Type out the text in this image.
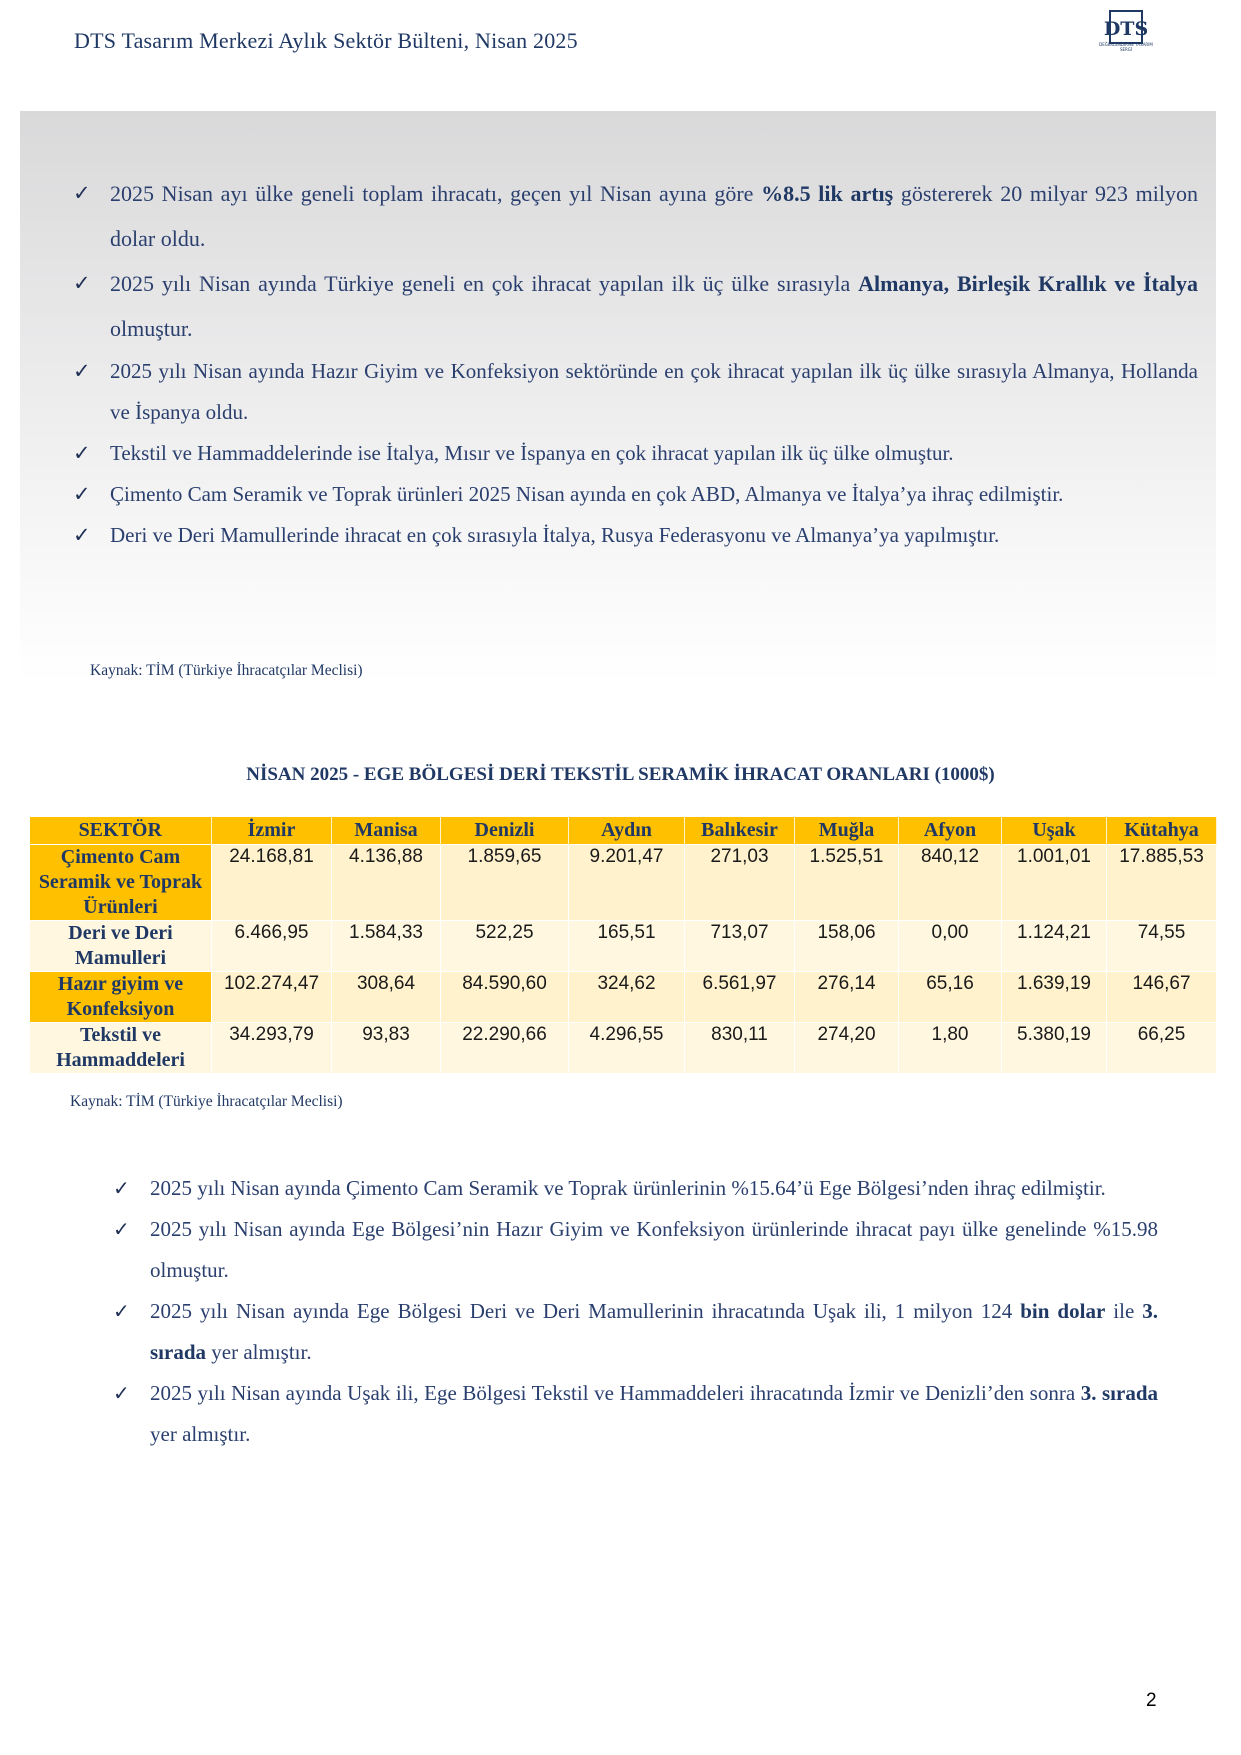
DTS Tasarım Merkezi Aylık Sektör Bülteni, Nisan 2025	DTS
DEĞERLENDİRME TASARIM SERGİ
✓ 2025 Nisan ayı ülke geneli toplam ihracatı, geçen yıl Nisan ayına göre %8.5 lik artış göstererek 20 milyar 923 milyon dolar oldu.
✓ 2025 yılı Nisan ayında Türkiye geneli en çok ihracat yapılan ilk üç ülke sırasıyla Almanya, Birleşik Krallık ve İtalya olmuştur.
✓ 2025 yılı Nisan ayında Hazır Giyim ve Konfeksiyon sektöründe en çok ihracat yapılan ilk üç ülke sırasıyla Almanya, Hollanda ve İspanya oldu.
✓ Tekstil ve Hammaddelerinde ise İtalya, Mısır ve İspanya en çok ihracat yapılan ilk üç ülke olmuştur.
✓ Çimento Cam Seramik ve Toprak ürünleri 2025 Nisan ayında en çok ABD, Almanya ve İtalya’ya ihraç edilmiştir.
✓ Deri ve Deri Mamullerinde ihracat en çok sırasıyla İtalya, Rusya Federasyonu ve Almanya’ya yapılmıştır.
Kaynak: TİM (Türkiye İhracatçılar Meclisi)
NİSAN 2025 - EGE BÖLGESİ DERİ TEKSTİL SERAMİK İHRACAT ORANLARI (1000$)
SEKTÖR	İzmir	Manisa	Denizli	Aydın	Balıkesir	Muğla	Afyon	Uşak	Kütahya
Çimento Cam Seramik ve Toprak Ürünleri	24.168,81	4.136,88	1.859,65	9.201,47	271,03	1.525,51	840,12	1.001,01	17.885,53
Deri ve Deri Mamulleri	6.466,95	1.584,33	522,25	165,51	713,07	158,06	0,00	1.124,21	74,55
Hazır giyim ve Konfeksiyon	102.274,47	308,64	84.590,60	324,62	6.561,97	276,14	65,16	1.639,19	146,67
Tekstil ve Hammaddeleri	34.293,79	93,83	22.290,66	4.296,55	830,11	274,20	1,80	5.380,19	66,25
Kaynak: TİM (Türkiye İhracatçılar Meclisi)
✓ 2025 yılı Nisan ayında Çimento Cam Seramik ve Toprak ürünlerinin %15.64’ü Ege Bölgesi’nden ihraç edilmiştir.
✓ 2025 yılı Nisan ayında Ege Bölgesi’nin Hazır Giyim ve Konfeksiyon ürünlerinde ihracat payı ülke genelinde %15.98 olmuştur.
✓ 2025 yılı Nisan ayında Ege Bölgesi Deri ve Deri Mamullerinin ihracatında Uşak ili, 1 milyon 124 bin dolar ile 3. sırada yer almıştır.
✓ 2025 yılı Nisan ayında Uşak ili, Ege Bölgesi Tekstil ve Hammaddeleri ihracatında İzmir ve Denizli’den sonra 3. sırada yer almıştır.
2
